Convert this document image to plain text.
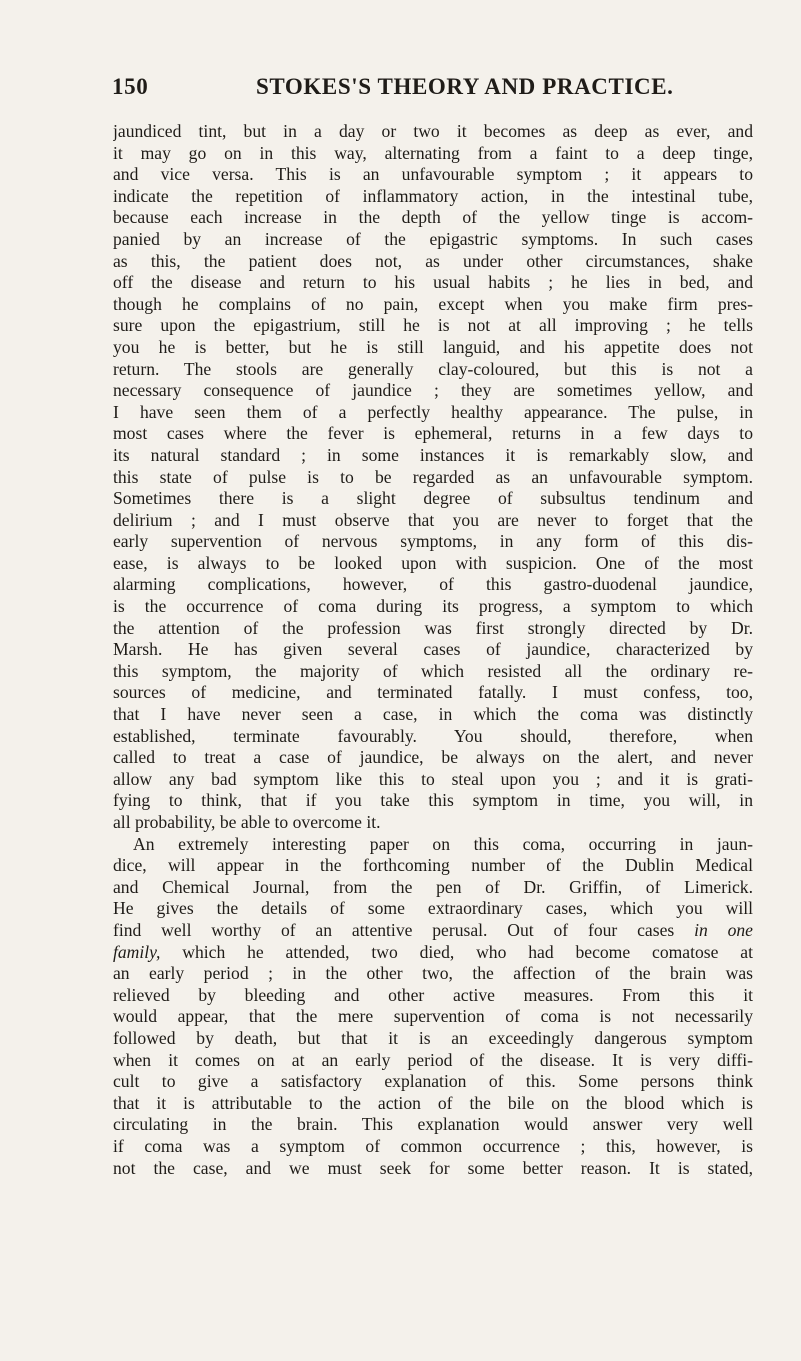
150	STOKES'S THEORY AND PRACTICE.
jaundiced tint, but in a day or two it becomes as deep as ever, and
it may go on in this way, alternating from a faint to a deep tinge,
and vice versa. This is an unfavourable symptom ; it appears to
indicate the repetition of inflammatory action, in the intestinal tube,
because each increase in the depth of the yellow tinge is accom-
panied by an increase of the epigastric symptoms. In such cases
as this, the patient does not, as under other circumstances, shake
off the disease and return to his usual habits ; he lies in bed, and
though he complains of no pain, except when you make firm pres-
sure upon the epigastrium, still he is not at all improving ; he tells
you he is better, but he is still languid, and his appetite does not
return. The stools are generally clay-coloured, but this is not a
necessary consequence of jaundice ; they are sometimes yellow, and
I have seen them of a perfectly healthy appearance. The pulse, in
most cases where the fever is ephemeral, returns in a few days to
its natural standard ; in some instances it is remarkably slow, and
this state of pulse is to be regarded as an unfavourable symptom.
Sometimes there is a slight degree of subsultus tendinum and
delirium ; and I must observe that you are never to forget that the
early supervention of nervous symptoms, in any form of this dis-
ease, is always to be looked upon with suspicion. One of the most
alarming complications, however, of this gastro-duodenal jaundice,
is the occurrence of coma during its progress, a symptom to which
the attention of the profession was first strongly directed by Dr.
Marsh. He has given several cases of jaundice, characterized by
this symptom, the majority of which resisted all the ordinary re-
sources of medicine, and terminated fatally. I must confess, too,
that I have never seen a case, in which the coma was distinctly
established, terminate favourably. You should, therefore, when
called to treat a case of jaundice, be always on the alert, and never
allow any bad symptom like this to steal upon you ; and it is grati-
fying to think, that if you take this symptom in time, you will, in
all probability, be able to overcome it.
An extremely interesting paper on this coma, occurring in jaun-
dice, will appear in the forthcoming number of the Dublin Medical
and Chemical Journal, from the pen of Dr. Griffin, of Limerick.
He gives the details of some extraordinary cases, which you will
find well worthy of an attentive perusal. Out of four cases in one
family, which he attended, two died, who had become comatose at
an early period ; in the other two, the affection of the brain was
relieved by bleeding and other active measures. From this it
would appear, that the mere supervention of coma is not necessarily
followed by death, but that it is an exceedingly dangerous symptom
when it comes on at an early period of the disease. It is very diffi-
cult to give a satisfactory explanation of this. Some persons think
that it is attributable to the action of the bile on the blood which is
circulating in the brain. This explanation would answer very well
if coma was a symptom of common occurrence ; this, however, is
not the case, and we must seek for some better reason. It is stated,
